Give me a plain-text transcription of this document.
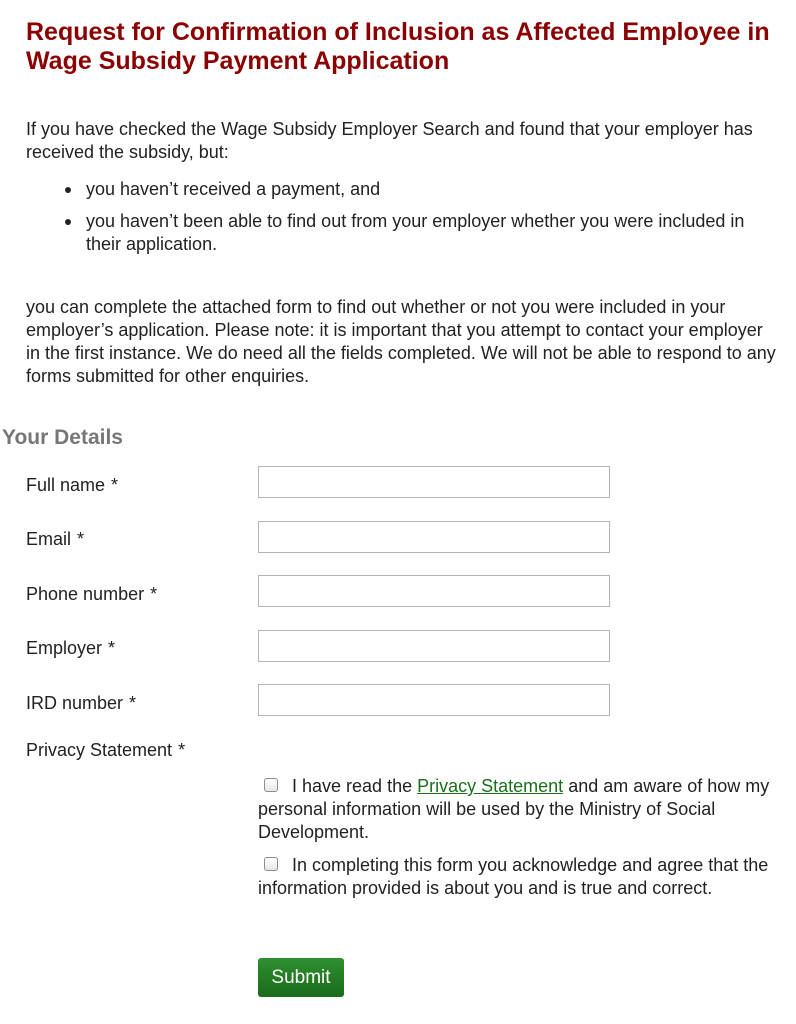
Request for Confirmation of Inclusion as Affected Employee in Wage Subsidy Payment Application

If you have checked the Wage Subsidy Employer Search and found that your employer has received the subsidy, but:

you haven’t received a payment, and
you haven’t been able to find out from your employer whether you were included in their application.

you can complete the attached form to find out whether or not you were included in your employer’s application. Please note: it is important that you attempt to contact your employer in the first instance. We do need all the fields completed. We will not be able to respond to any forms submitted for other enquiries.

Your Details
Full name *
Email *
Phone number *
Employer *
IRD number *
Privacy Statement *
I have read the Privacy Statement and am aware of how my personal information will be used by the Ministry of Social Development.
In completing this form you acknowledge and agree that the information provided is about you and is true and correct.
Submit
